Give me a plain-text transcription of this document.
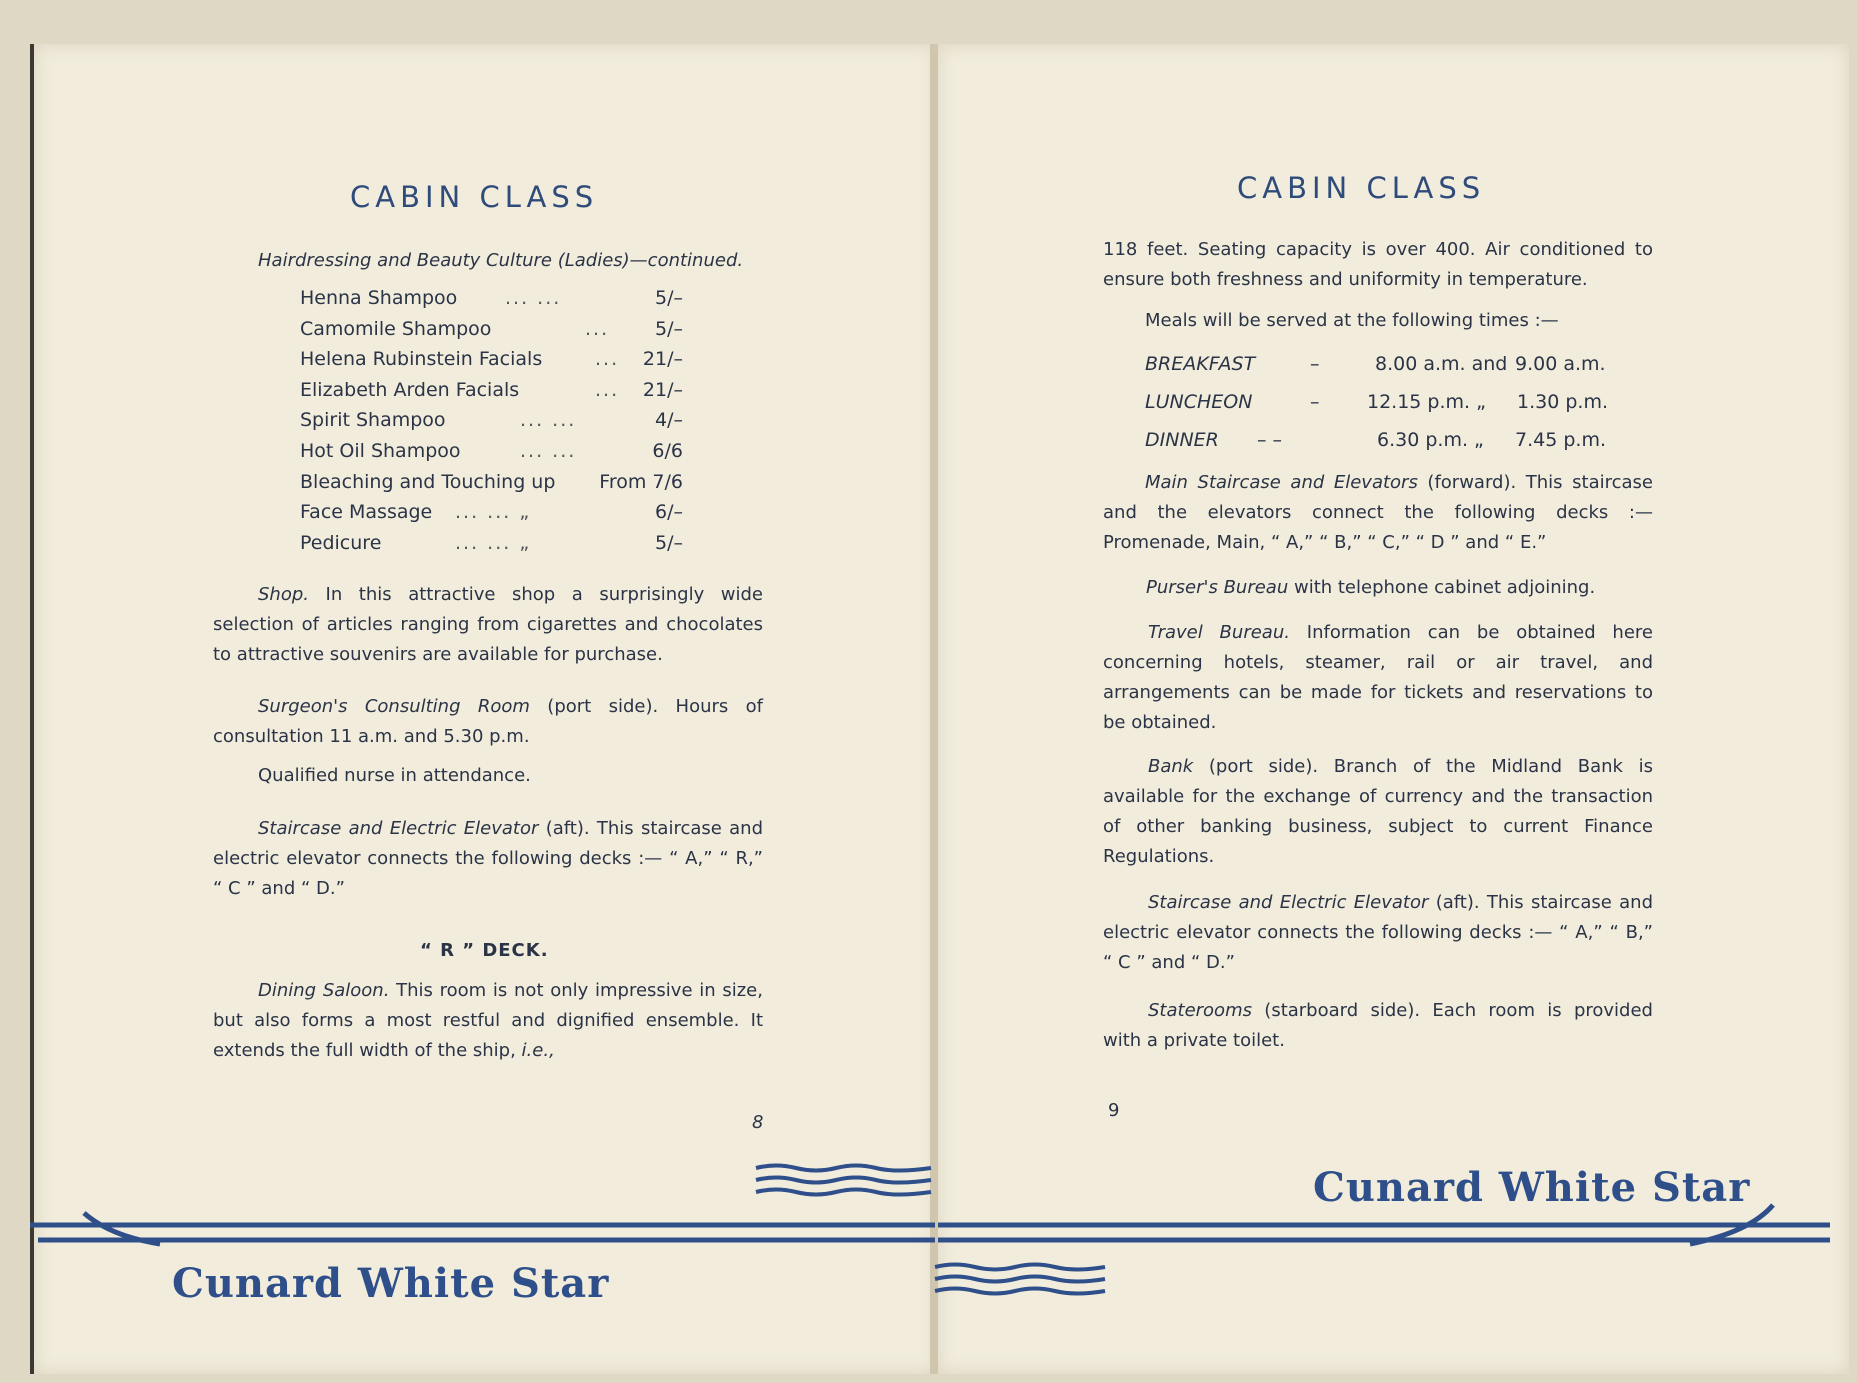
CABIN CLASS

Hairdressing and Beauty Culture (Ladies)—continued.

Henna Shampoo	... ...	5/–
Camomile Shampoo	... 5/–
Helena Rubinstein Facials	... 21/–
Elizabeth Arden Facials	... 21/–
Spirit Shampoo	... ...	4/–
Hot Oil Shampoo	... ...	6/6
Bleaching and Touching up From 7/6
Face Massage ... ... „	6/–
Pedicure	... ... „	5/–

Shop. In this attractive shop a surprisingly wide selection of articles ranging from cigarettes and chocolates to attractive souvenirs are available for purchase.

Surgeon's Consulting Room (port side). Hours of consultation 11 a.m. and 5.30 p.m.

Qualified nurse in attendance.

Staircase and Electric Elevator (aft). This staircase and electric elevator connects the following decks :— “ A,” “ R,” “ C ” and “ D.”

“ R ” DECK.

Dining Saloon. This room is not only impressive in size, but also forms a most restful and dignified ensemble. It extends the full width of the ship, i.e.,

8
CABIN CLASS

118 feet. Seating capacity is over 400. Air conditioned to ensure both freshness and uniformity in temperature.

Meals will be served at the following times :—

BREAKFAST	–	8.00 a.m. and 9.00 a.m.
LUNCHEON	–	12.15 p.m. „ 1.30 p.m.
DINNER – –	6.30 p.m. „ 7.45 p.m.

Main Staircase and Elevators (forward). This staircase and the elevators connect the following decks :—Promenade, Main, “ A,” “ B,” “ C,” “ D ” and “ E.”

Purser's Bureau with telephone cabinet adjoining.

Travel Bureau. Information can be obtained here concerning hotels, steamer, rail or air travel, and arrangements can be made for tickets and reservations to be obtained.

Bank (port side). Branch of the Midland Bank is available for the exchange of currency and the transaction of other banking business, subject to current Finance Regulations.

Staircase and Electric Elevator (aft). This staircase and electric elevator connects the following decks :— “ A,” “ B,” “ C ” and “ D.”

Staterooms (starboard side). Each room is provided with a private toilet.

9
Cunard White Star
Cunard White Star
